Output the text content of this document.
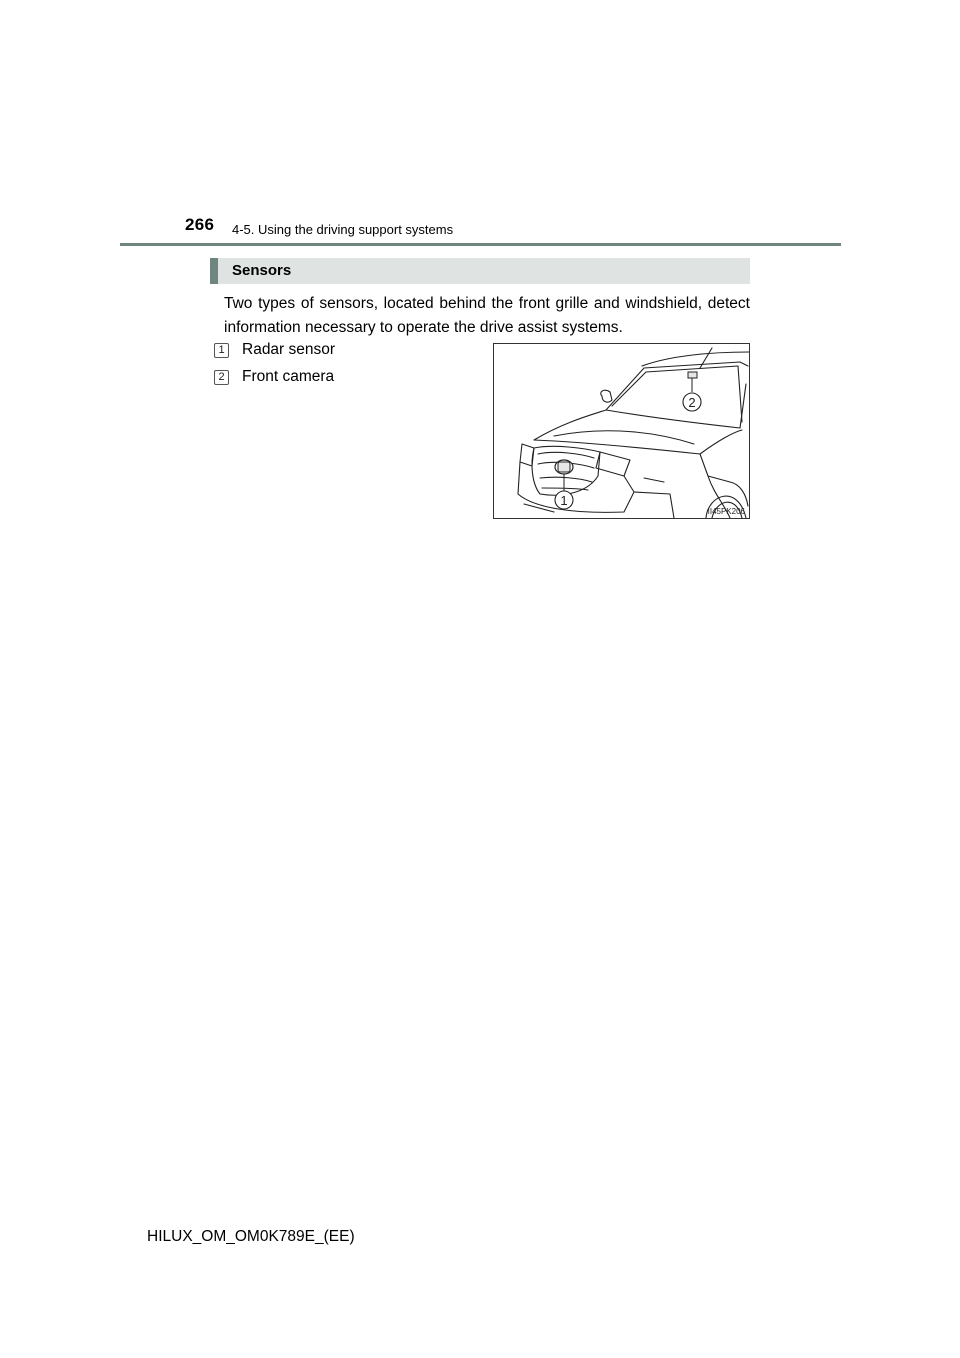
266 4-5. Using the driving support systems
Sensors
Two types of sensors, located behind the front grille and windshield, detect information necessary to operate the drive assist systems.
1 Radar sensor
2 Front camera
1
2
II45PK206
HILUX_OM_OM0K789E_(EE)
